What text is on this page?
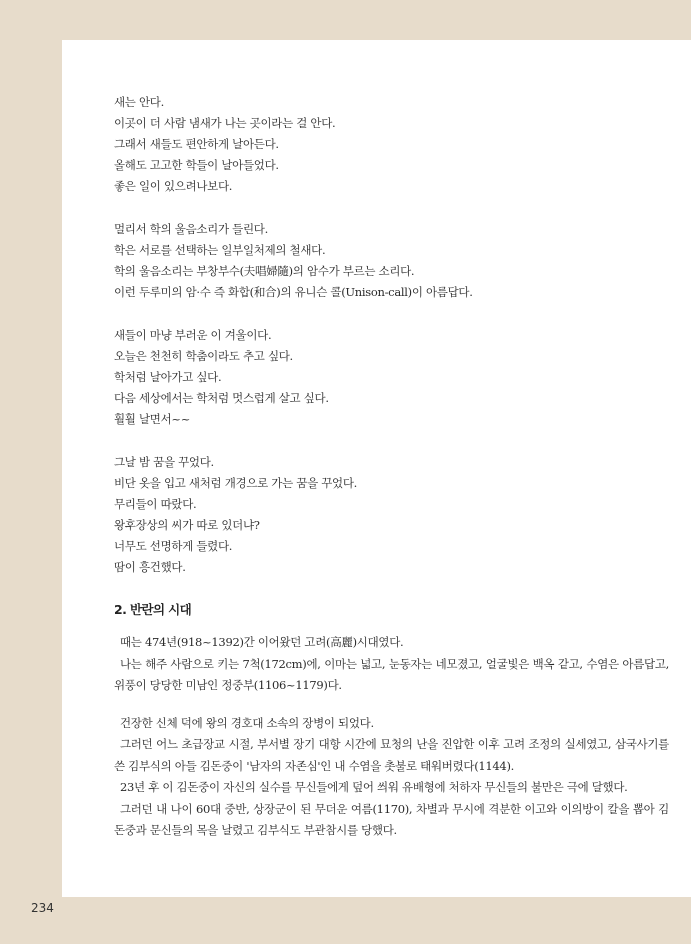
새는 안다.
이곳이 더 사람 냄새가 나는 곳이라는 걸 안다.
그래서 새들도 편안하게 날아든다.
올해도 고고한 학들이 날아들었다.
좋은 일이 있으려나보다.
멀리서 학의 울음소리가 들린다.
학은 서로를 선택하는 일부일처제의 철새다.
학의 울음소리는 부창부수(夫唱婦隨)의 암수가 부르는 소리다.
이런 두루미의 암·수 즉 화합(和合)의 유니슨 콜(Unison-call)이 아름답다.
새들이 마냥 부러운 이 겨울이다.
오늘은 천천히 학춤이라도 추고 싶다.
학처럼 날아가고 싶다.
다음 세상에서는 학처럼 멋스럽게 살고 싶다.
훨훨 날면서~~
그날 밤 꿈을 꾸었다.
비단 옷을 입고 새처럼 개경으로 가는 꿈을 꾸었다.
무리들이 따랐다.
왕후장상의 씨가 따로 있더냐?
너무도 선명하게 들렸다.
땀이 흥건했다.
2. 반란의 시대

때는 474년(918~1392)간 이어왔던 고려(高麗)시대였다.

나는 해주 사람으로 키는 7척(172cm)에, 이마는 넓고, 눈동자는 네모졌고, 얼굴빛은 백옥 같고, 수염은 아름답고, 위풍이 당당한 미남인 정중부(1106~1179)다.

건장한 신체 덕에 왕의 경호대 소속의 장병이 되었다.

그러던 어느 초급장교 시절, 부서별 장기 대항 시간에 묘청의 난을 진압한 이후 고려 조정의 실세였고, 삼국사기를 쓴 김부식의 아들 김돈중이 '남자의 자존심'인 내 수염을 촛불로 태워버렸다(1144).

23년 후 이 김돈중이 자신의 실수를 무신들에게 덮어 씌워 유배형에 처하자 무신들의 불만은 극에 달했다.

그러던 내 나이 60대 중반, 상장군이 된 무더운 여름(1170), 차별과 무시에 격분한 이고와 이의방이 칼을 뽑아 김돈중과 문신들의 목을 날렸고 김부식도 부관참시를 당했다.

234
